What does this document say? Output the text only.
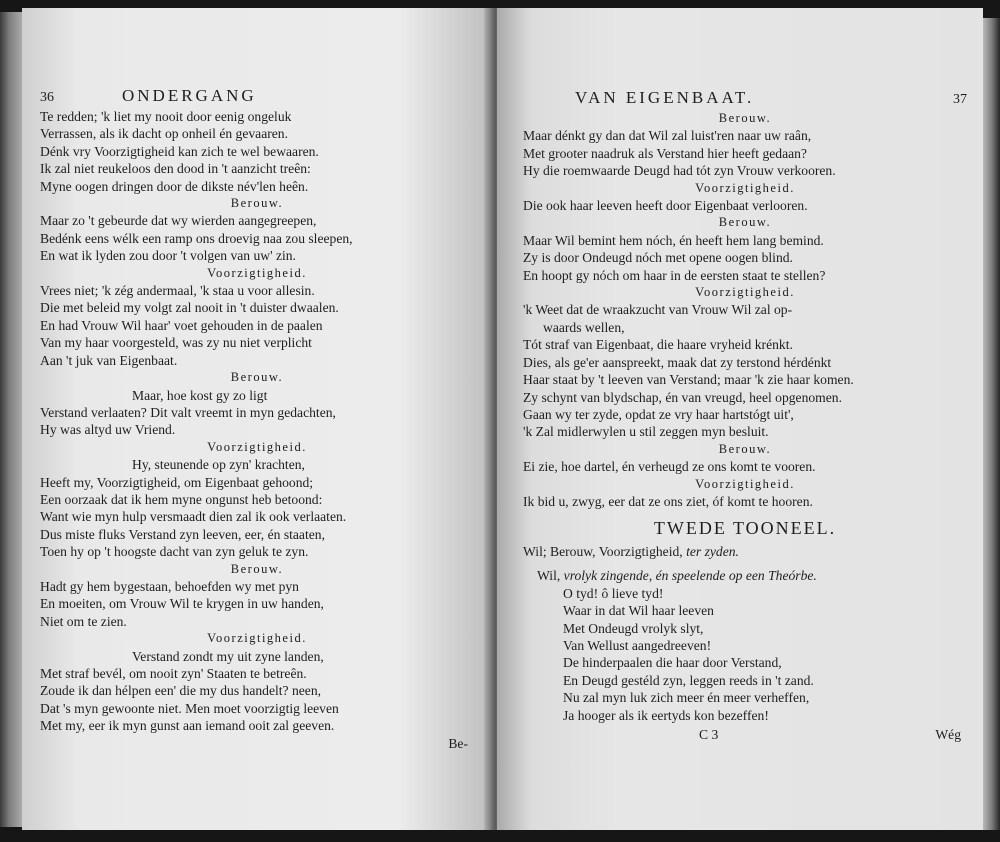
36	ONDERGANG
Te redden; 'k liet my nooit door eenig ongeluk
Verrassen, als ik dacht op onheil én gevaaren.
Dénk vry Voorzigtigheid kan zich te wel bewaaren.
Ik zal niet reukeloos den dood in 't aanzicht treên:
Myne oogen dringen door de dikste név'len heên.
Berouw.
Maar zo 't gebeurde dat wy wierden aangegreepen,
Bedénk eens wélk een ramp ons droevig naa zou sleepen,
En wat ik lyden zou door 't volgen van uw' zin.
Voorzigtigheid.
Vrees niet; 'k zég andermaal, 'k staa u voor allesin.
Die met beleid my volgt zal nooit in 't duister dwaalen.
En had Vrouw Wil haar' voet gehouden in de paalen
Van my haar voorgesteld, was zy nu niet verplicht
Aan 't juk van Eigenbaat.
Berouw.
Maar, hoe kost gy zo ligt
Verstand verlaaten? Dit valt vreemt in myn gedachten,
Hy was altyd uw Vriend.
Voorzigtigheid.
Hy, steunende op zyn' krachten,
Heeft my, Voorzigtigheid, om Eigenbaat gehoond;
Een oorzaak dat ik hem myne ongunst heb betoond:
Want wie myn hulp versmaadt dien zal ik ook verlaaten.
Dus miste fluks Verstand zyn leeven, eer, én staaten,
Toen hy op 't hoogste dacht van zyn geluk te zyn.
Berouw.
Hadt gy hem bygestaan, behoefden wy met pyn
En moeiten, om Vrouw Wil te krygen in uw handen,
Niet om te zien.
Voorzigtigheid.
Verstand zondt my uit zyne landen,
Met straf bevél, om nooit zyn' Staaten te betreên.
Zoude ik dan hélpen een' die my dus handelt? neen,
Dat 's myn gewoonte niet. Men moet voorzigtig leeven
Met my, eer ik myn gunst aan iemand ooit zal geeven.
Be-
VAN EIGENBAAT.	37
Berouw.
Maar dénkt gy dan dat Wil zal luist'ren naar uw raân,
Met grooter naadruk als Verstand hier heeft gedaan?
Hy die roemwaarde Deugd had tót zyn Vrouw verkooren.
Voorzigtigheid.
Die ook haar leeven heeft door Eigenbaat verlooren.
Berouw.
Maar Wil bemint hem nóch, én heeft hem lang bemind.
Zy is door Ondeugd nóch met opene oogen blind.
En hoopt gy nóch om haar in de eersten staat te stellen?
Voorzigtigheid.
'k Weet dat de wraakzucht van Vrouw Wil zal op-
waards wellen,
Tót straf van Eigenbaat, die haare vryheid krénkt.
Dies, als ge'er aanspreekt, maak dat zy terstond hérdénkt
Haar staat by 't leeven van Verstand; maar 'k zie haar komen.
Zy schynt van blydschap, én van vreugd, heel opgenomen.
Gaan wy ter zyde, opdat ze vry haar hartstógt uit',
'k Zal midlerwylen u stil zeggen myn besluit.
Berouw.
Ei zie, hoe dartel, én verheugd ze ons komt te vooren.
Voorzigtigheid.
Ik bid u, zwyg, eer dat ze ons ziet, óf komt te hooren.
TWEDE TOONEEL.
Wil; Berouw, Voorzigtigheid, ter zyden.
Wil, vrolyk zingende, én speelende op een Theórbe.
O tyd! ô lieve tyd!
Waar in dat Wil haar leeven
Met Ondeugd vrolyk slyt,
Van Wellust aangedreeven!
De hinderpaalen die haar door Verstand,
En Deugd gestéld zyn, leggen reeds in 't zand.
Nu zal myn luk zich meer én meer verheffen,
Ja hooger als ik eertyds kon bezeffen!
C 3	Wég
